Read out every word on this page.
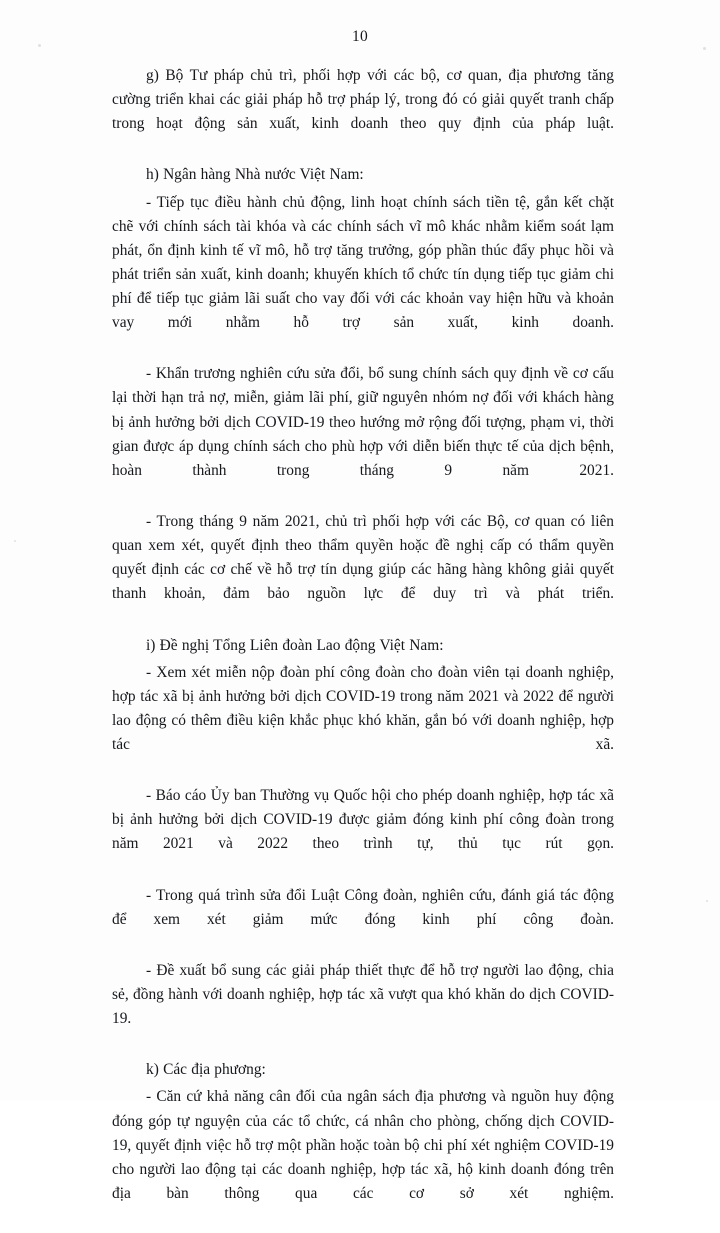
10

g) Bộ Tư pháp chủ trì, phối hợp với các bộ, cơ quan, địa phương tăng cường triển khai các giải pháp hỗ trợ pháp lý, trong đó có giải quyết tranh chấp trong hoạt động sản xuất, kinh doanh theo quy định của pháp luật.

h) Ngân hàng Nhà nước Việt Nam:

- Tiếp tục điều hành chủ động, linh hoạt chính sách tiền tệ, gắn kết chặt chẽ với chính sách tài khóa và các chính sách vĩ mô khác nhằm kiểm soát lạm phát, ổn định kinh tế vĩ mô, hỗ trợ tăng trưởng, góp phần thúc đẩy phục hồi và phát triển sản xuất, kinh doanh; khuyến khích tổ chức tín dụng tiếp tục giảm chi phí để tiếp tục giảm lãi suất cho vay đối với các khoản vay hiện hữu và khoản vay mới nhằm hỗ trợ sản xuất, kinh doanh.

- Khẩn trương nghiên cứu sửa đổi, bổ sung chính sách quy định về cơ cấu lại thời hạn trả nợ, miễn, giảm lãi phí, giữ nguyên nhóm nợ đối với khách hàng bị ảnh hưởng bởi dịch COVID-19 theo hướng mở rộng đối tượng, phạm vi, thời gian được áp dụng chính sách cho phù hợp với diễn biến thực tế của dịch bệnh, hoàn thành trong tháng 9 năm 2021.

- Trong tháng 9 năm 2021, chủ trì phối hợp với các Bộ, cơ quan có liên quan xem xét, quyết định theo thẩm quyền hoặc đề nghị cấp có thẩm quyền quyết định các cơ chế về hỗ trợ tín dụng giúp các hãng hàng không giải quyết thanh khoản, đảm bảo nguồn lực để duy trì và phát triển.

i) Đề nghị Tổng Liên đoàn Lao động Việt Nam:

- Xem xét miễn nộp đoàn phí công đoàn cho đoàn viên tại doanh nghiệp, hợp tác xã bị ảnh hưởng bởi dịch COVID-19 trong năm 2021 và 2022 để người lao động có thêm điều kiện khắc phục khó khăn, gắn bó với doanh nghiệp, hợp tác xã.

- Báo cáo Ủy ban Thường vụ Quốc hội cho phép doanh nghiệp, hợp tác xã bị ảnh hưởng bởi dịch COVID-19 được giảm đóng kinh phí công đoàn trong năm 2021 và 2022 theo trình tự, thủ tục rút gọn.

- Trong quá trình sửa đổi Luật Công đoàn, nghiên cứu, đánh giá tác động để xem xét giảm mức đóng kinh phí công đoàn.

- Đề xuất bổ sung các giải pháp thiết thực để hỗ trợ người lao động, chia sẻ, đồng hành với doanh nghiệp, hợp tác xã vượt qua khó khăn do dịch COVID-19.

k) Các địa phương:

- Căn cứ khả năng cân đối của ngân sách địa phương và nguồn huy động đóng góp tự nguyện của các tổ chức, cá nhân cho phòng, chống dịch COVID-19, quyết định việc hỗ trợ một phần hoặc toàn bộ chi phí xét nghiệm COVID-19 cho người lao động tại các doanh nghiệp, hợp tác xã, hộ kinh doanh đóng trên địa bàn thông qua các cơ sở xét nghiệm.
